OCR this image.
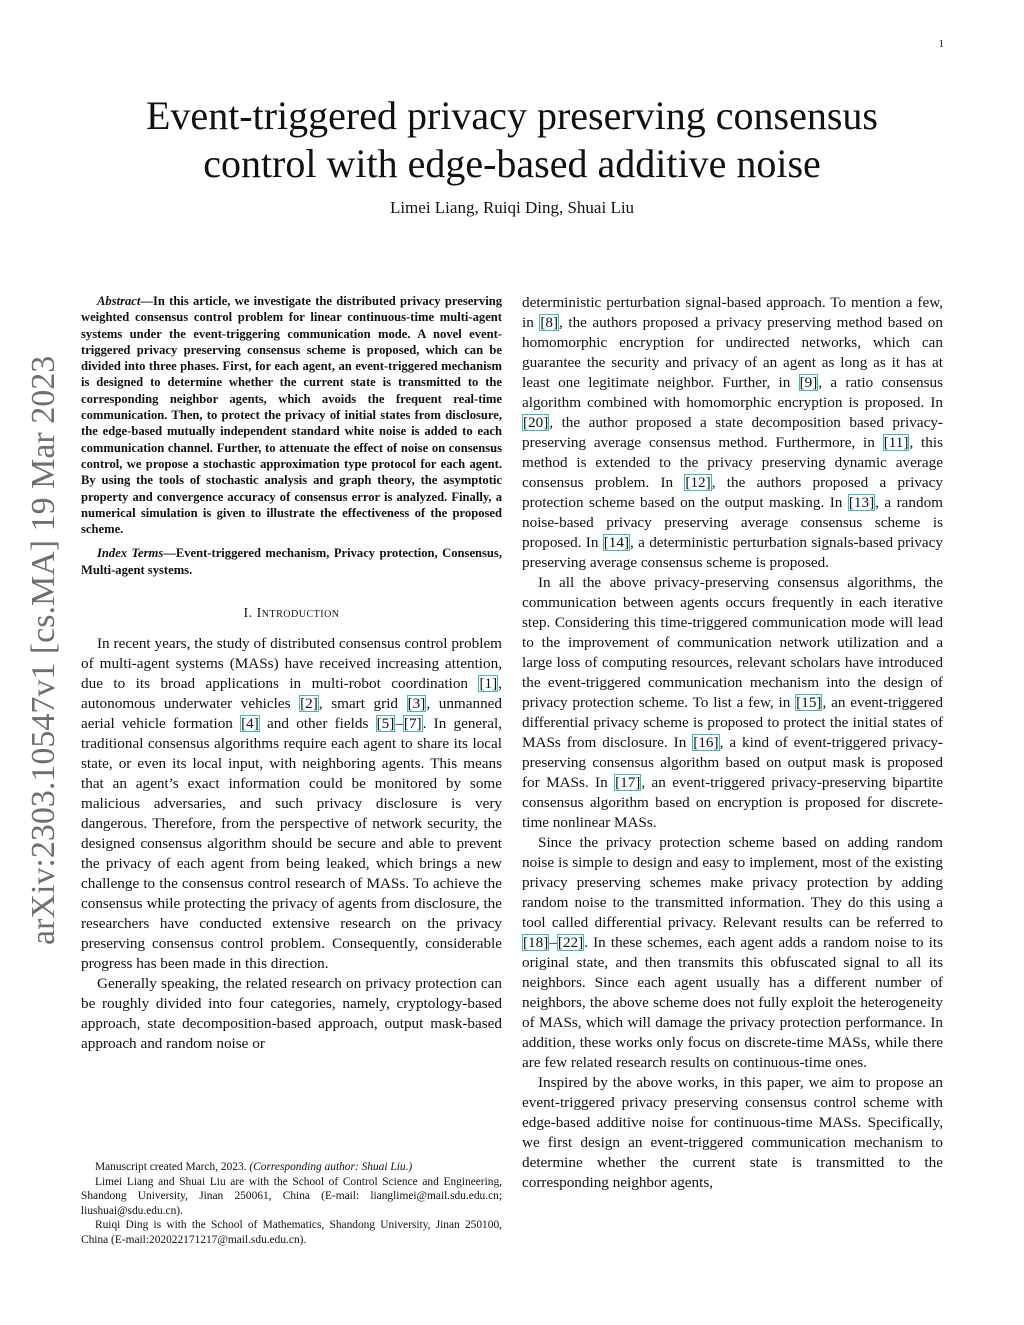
1
arXiv:2303.10547v1 [cs.MA] 19 Mar 2023
Event-triggered privacy preserving consensus
control with edge-based additive noise
Limei Liang, Ruiqi Ding, Shuai Liu

Abstract—In this article, we investigate the distributed privacy preserving weighted consensus control problem for linear continuous-time multi-agent systems under the event-triggering communication mode. A novel event-triggered privacy preserving consensus scheme is proposed, which can be divided into three phases. First, for each agent, an event-triggered mechanism is designed to determine whether the current state is transmitted to the corresponding neighbor agents, which avoids the frequent real-time communication. Then, to protect the privacy of initial states from disclosure, the edge-based mutually independent standard white noise is added to each communication channel. Further, to attenuate the effect of noise on consensus control, we propose a stochastic approximation type protocol for each agent. By using the tools of stochastic analysis and graph theory, the asymptotic property and convergence accuracy of consensus error is analyzed. Finally, a numerical simulation is given to illustrate the effectiveness of the proposed scheme.

Index Terms—Event-triggered mechanism, Privacy protection, Consensus, Multi-agent systems.

I. Introduction

In recent years, the study of distributed consensus control problem of multi-agent systems (MASs) have received increasing attention, due to its broad applications in multi-robot coordination [1], autonomous underwater vehicles [2], smart grid [3], unmanned aerial vehicle formation [4] and other fields [5]–[7]. In general, traditional consensus algorithms require each agent to share its local state, or even its local input, with neighboring agents. This means that an agent’s exact information could be monitored by some malicious adversaries, and such privacy disclosure is very dangerous. Therefore, from the perspective of network security, the designed consensus algorithm should be secure and able to prevent the privacy of each agent from being leaked, which brings a new challenge to the consensus control research of MASs. To achieve the consensus while protecting the privacy of agents from disclosure, the researchers have conducted extensive research on the privacy preserving consensus control problem. Consequently, considerable progress has been made in this direction.

Generally speaking, the related research on privacy protection can be roughly divided into four categories, namely, cryptology-based approach, state decomposition-based approach, output mask-based approach and random noise or

deterministic perturbation signal-based approach. To mention a few, in [8], the authors proposed a privacy preserving method based on homomorphic encryption for undirected networks, which can guarantee the security and privacy of an agent as long as it has at least one legitimate neighbor. Further, in [9], a ratio consensus algorithm combined with homomorphic encryption is proposed. In [20], the author proposed a state decomposition based privacy-preserving average consensus method. Furthermore, in [11], this method is extended to the privacy preserving dynamic average consensus problem. In [12], the authors proposed a privacy protection scheme based on the output masking. In [13], a random noise-based privacy preserving average consensus scheme is proposed. In [14], a deterministic perturbation signals-based privacy preserving average consensus scheme is proposed.

In all the above privacy-preserving consensus algorithms, the communication between agents occurs frequently in each iterative step. Considering this time-triggered communication mode will lead to the improvement of communication network utilization and a large loss of computing resources, relevant scholars have introduced the event-triggered communication mechanism into the design of privacy protection scheme. To list a few, in [15], an event-triggered differential privacy scheme is proposed to protect the initial states of MASs from disclosure. In [16], a kind of event-triggered privacy-preserving consensus algorithm based on output mask is proposed for MASs. In [17], an event-triggered privacy-preserving bipartite consensus algorithm based on encryption is proposed for discrete-time nonlinear MASs.

Since the privacy protection scheme based on adding random noise is simple to design and easy to implement, most of the existing privacy preserving schemes make privacy protection by adding random noise to the transmitted information. They do this using a tool called differential privacy. Relevant results can be referred to [18]–[22]. In these schemes, each agent adds a random noise to its original state, and then transmits this obfuscated signal to all its neighbors. Since each agent usually has a different number of neighbors, the above scheme does not fully exploit the heterogeneity of MASs, which will damage the privacy protection performance. In addition, these works only focus on discrete-time MASs, while there are few related research results on continuous-time ones.

Inspired by the above works, in this paper, we aim to propose an event-triggered privacy preserving consensus control scheme with edge-based additive noise for continuous-time MASs. Specifically, we first design an event-triggered communication mechanism to determine whether the current state is transmitted to the corresponding neighbor agents,

Manuscript created March, 2023. (Corresponding author: Shuai Liu.)

Limei Liang and Shuai Liu are with the School of Control Science and Engineering, Shandong University, Jinan 250061, China (E-mail: lianglimei@mail.sdu.edu.cn; liushuai@sdu.edu.cn).

Ruiqi Ding is with the School of Mathematics, Shandong University, Jinan 250100, China (E-mail:202022171217@mail.sdu.edu.cn).
